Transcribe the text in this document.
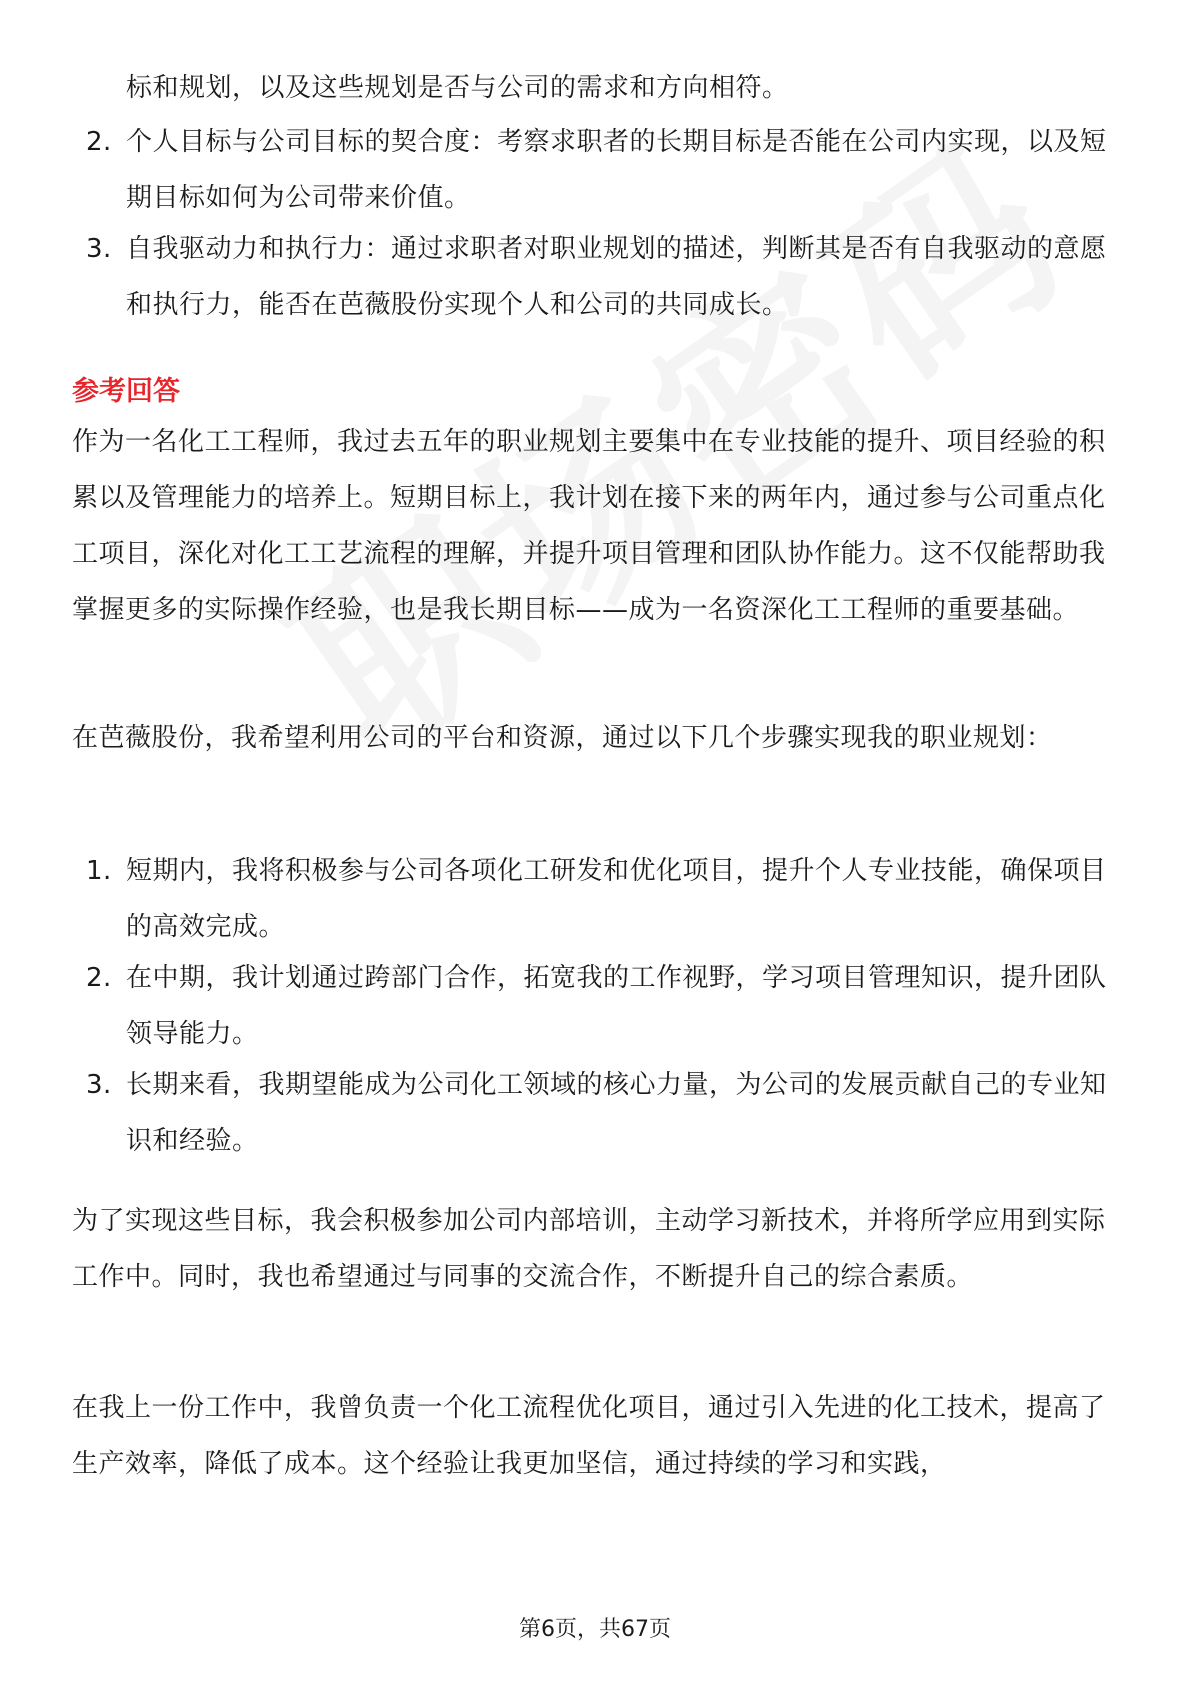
标和规划，以及这些规划是否与公司的需求和方向相符。
2. 个人目标与公司目标的契合度：考察求职者的长期目标是否能在公司内实现，以及短期目标如何为公司带来价值。
3. 自我驱动力和执行力：通过求职者对职业规划的描述，判断其是否有自我驱动的意愿和执行力，能否在芭薇股份实现个人和公司的共同成长。
参考回答
作为一名化工工程师，我过去五年的职业规划主要集中在专业技能的提升、项目经验的积累以及管理能力的培养上。短期目标上，我计划在接下来的两年内，通过参与公司重点化工项目，深化对化工工艺流程的理解，并提升项目管理和团队协作能力。这不仅能帮助我掌握更多的实际操作经验，也是我长期目标——成为一名资深化工工程师的重要基础。
在芭薇股份，我希望利用公司的平台和资源，通过以下几个步骤实现我的职业规划：
1. 短期内，我将积极参与公司各项化工研发和优化项目，提升个人专业技能，确保项目的高效完成。
2. 在中期，我计划通过跨部门合作，拓宽我的工作视野，学习项目管理知识，提升团队领导能力。
3. 长期来看，我期望能成为公司化工领域的核心力量，为公司的发展贡献自己的专业知识和经验。
为了实现这些目标，我会积极参加公司内部培训，主动学习新技术，并将所学应用到实际工作中。同时，我也希望通过与同事的交流合作，不断提升自己的综合素质。
在我上一份工作中，我曾负责一个化工流程优化项目，通过引入先进的化工技术，提高了生产效率，降低了成本。这个经验让我更加坚信，通过持续的学习和实践，
第6页，共67页
